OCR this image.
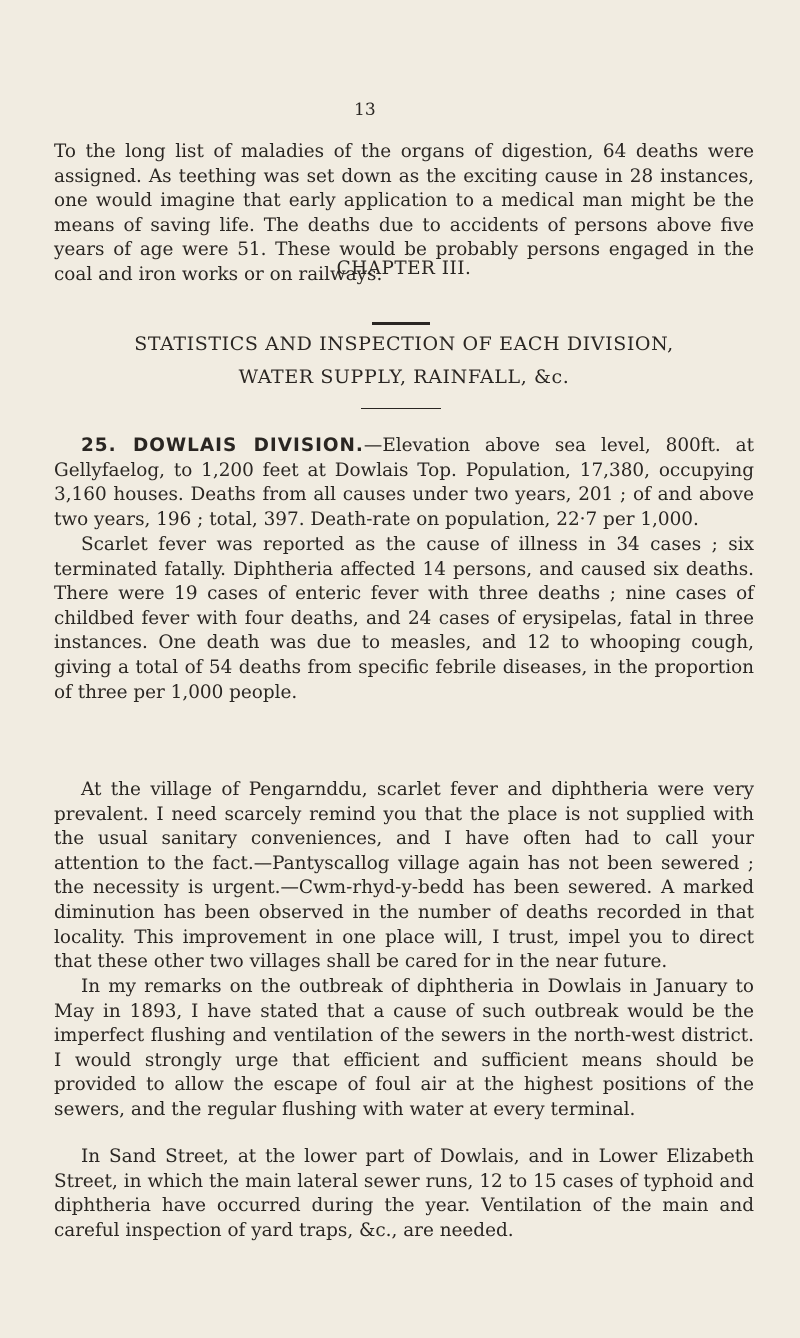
13

To the long list of maladies of the organs of digestion, 64 deaths were assigned. As teething was set down as the exciting cause in 28 instances, one would imagine that early application to a medical man might be the means of saving life. The deaths due to accidents of persons above five years of age were 51. These would be probably persons engaged in the coal and iron works or on railways.

CHAPTER III.
STATISTICS AND INSPECTION OF EACH DIVISION,
WATER SUPPLY, RAINFALL, &c.

25. DOWLAIS DIVISION.—Elevation above sea level, 800ft. at Gellyfaelog, to 1,200 feet at Dowlais Top. Population, 17,380, occupying 3,160 houses. Deaths from all causes under two years, 201 ; of and above two years, 196 ; total, 397. Death-rate on population, 22·7 per 1,000.

Scarlet fever was reported as the cause of illness in 34 cases ; six terminated fatally. Diphtheria affected 14 persons, and caused six deaths. There were 19 cases of enteric fever with three deaths ; nine cases of childbed fever with four deaths, and 24 cases of erysipelas, fatal in three instances. One death was due to measles, and 12 to whooping cough, giving a total of 54 deaths from specific febrile diseases, in the proportion of three per 1,000 people.

At the village of Pengarnddu, scarlet fever and diphtheria were very prevalent. I need scarcely remind you that the place is not supplied with the usual sanitary conveniences, and I have often had to call your attention to the fact.—Pantyscallog village again has not been sewered ; the necessity is urgent.—Cwm-rhyd-y-bedd has been sewered. A marked diminution has been observed in the number of deaths recorded in that locality. This improvement in one place will, I trust, impel you to direct that these other two villages shall be cared for in the near future.

In my remarks on the outbreak of diphtheria in Dowlais in January to May in 1893, I have stated that a cause of such outbreak would be the imperfect flushing and ventilation of the sewers in the north-west district. I would strongly urge that efficient and sufficient means should be provided to allow the escape of foul air at the highest positions of the sewers, and the regular flushing with water at every terminal.

In Sand Street, at the lower part of Dowlais, and in Lower Elizabeth Street, in which the main lateral sewer runs, 12 to 15 cases of typhoid and diphtheria have occurred during the year. Ventilation of the main and careful inspection of yard traps, &c., are needed.
